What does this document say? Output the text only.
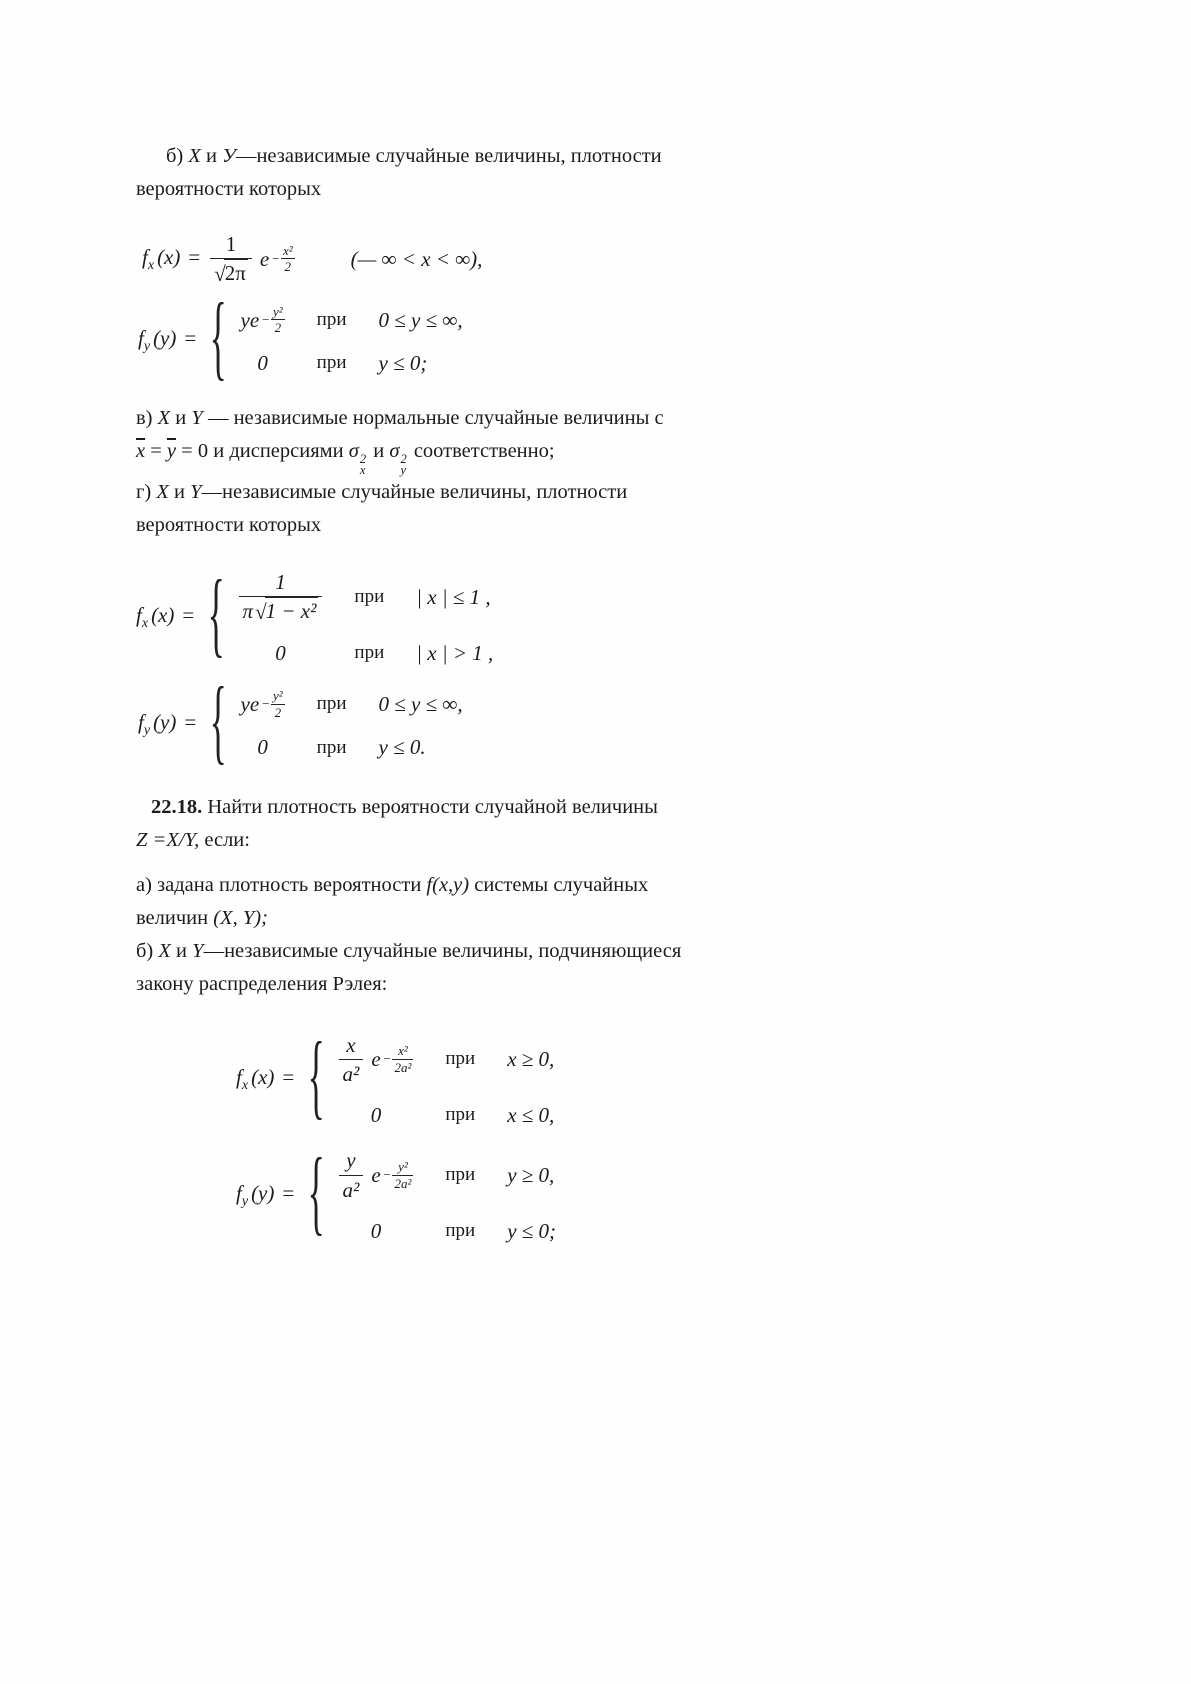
б) X и У—независимые случайные величины, плотности

вероятности которых

$f_x$ $(x) = \frac{1}{√2\pi}$ $e - \frac{\text{x²}}{2}$	(— ∞ < x < ∞),
$f_y$ (y) = { ye − $\frac{\text{y²}}{2}$ при 0 ≤ y ≤ ∞,
0	при y ≤ 0;

в) X и Y — независимые нормальные случайные величины с

$\overline{x} = \overline{y} = 0$ и дисперсиями σ 2
x
и σ 2
y
соответственно;

г) X и Y—независимые случайные величины, плотности

вероятности которых

$f_x$ (x) = { $\frac{1}{\text{π√1 − x²}}$ при | x | ≤ 1 ,
0	при | x | > 1 ,
$f_y$ (y) = { ye − $\frac{\text{y²}}{2}$ при 0 ≤ y ≤ ∞,
0	при y ≤ 0.

22.18. Найти плотность вероятности случайной величины

Z =X/Y, если:

а) задана плотность вероятности f(x,y) системы случайных

величин (X, Y);

б) X и Y—независимые случайные величины, подчиняющиеся

закону распределения Рэлея:

$f_x$ (x) = { $\frac{x}{\text{a²}}$ $e - \frac{\text{x²}}{\text{2a²}}$ при x ≥ 0,
0	при x ≤ 0,
$f_y$ (y) = { $\frac{y}{\text{a²}}$ $e - \frac{\text{y²}}{\text{2a²}}$ при y ≥ 0,
0	при y ≤ 0;
